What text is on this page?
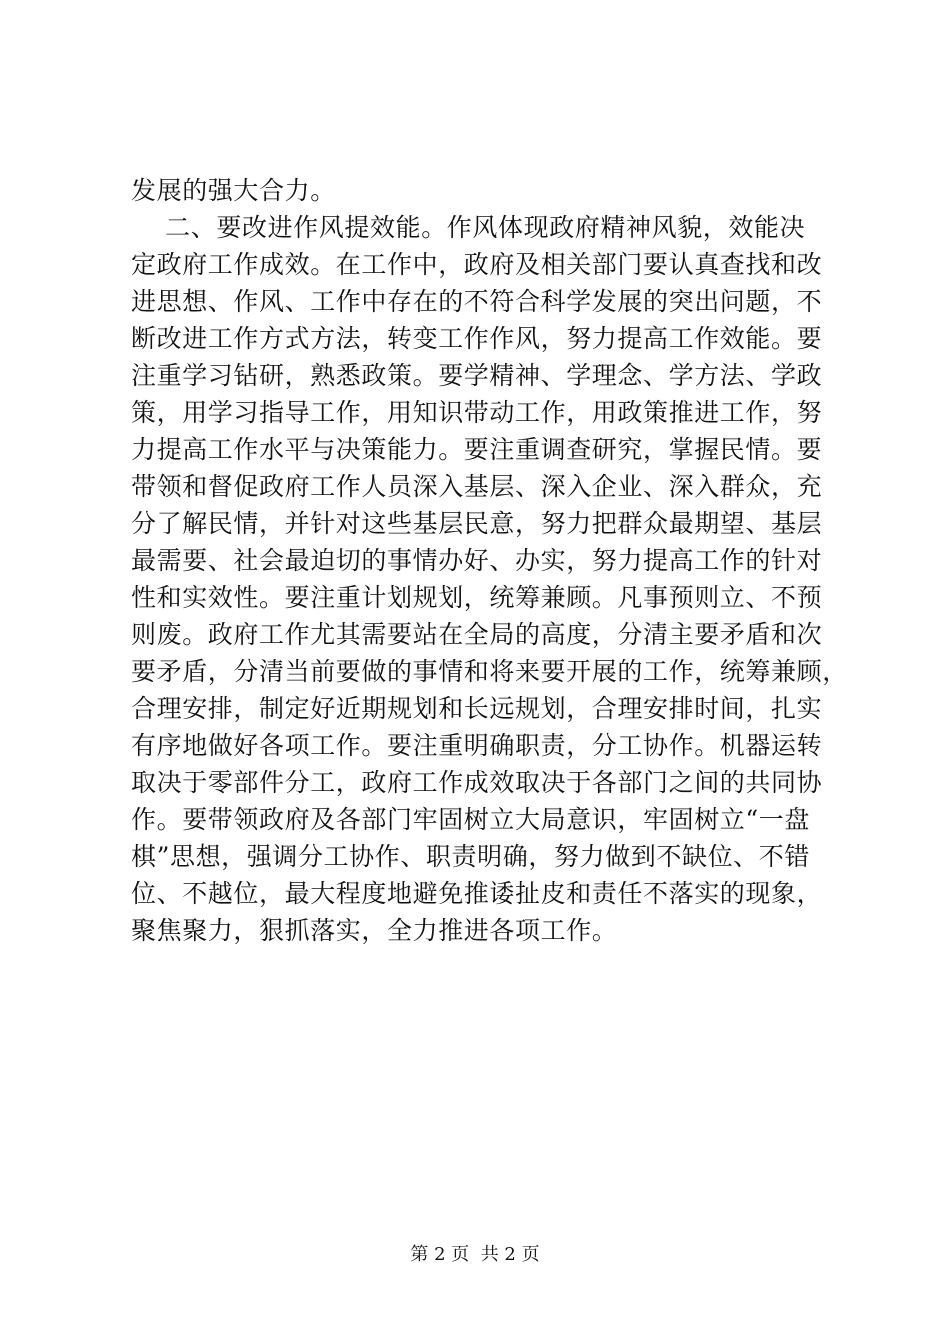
发展的强大合力。
二、要改进作风提效能。作风体现政府精神风貌，效能决
定政府工作成效。在工作中，政府及相关部门要认真查找和改
进思想、作风、工作中存在的不符合科学发展的突出问题，不
断改进工作方式方法，转变工作作风，努力提高工作效能。要
注重学习钻研，熟悉政策。要学精神、学理念、学方法、学政
策，用学习指导工作，用知识带动工作，用政策推进工作，努
力提高工作水平与决策能力。要注重调查研究，掌握民情。要
带领和督促政府工作人员深入基层、深入企业、深入群众，充
分了解民情，并针对这些基层民意，努力把群众最期望、基层
最需要、社会最迫切的事情办好、办实，努力提高工作的针对
性和实效性。要注重计划规划，统筹兼顾。凡事预则立、不预
则废。政府工作尤其需要站在全局的高度，分清主要矛盾和次
要矛盾，分清当前要做的事情和将来要开展的工作，统筹兼顾，
合理安排，制定好近期规划和长远规划，合理安排时间，扎实
有序地做好各项工作。要注重明确职责，分工协作。机器运转
取决于零部件分工，政府工作成效取决于各部门之间的共同协
作。要带领政府及各部门牢固树立大局意识，牢固树立“一盘
棋”思想，强调分工协作、职责明确，努力做到不缺位、不错
位、不越位，最大程度地避免推诿扯皮和责任不落实的现象，
聚焦聚力，狠抓落实，全力推进各项工作。
第 2 页  共 2 页
